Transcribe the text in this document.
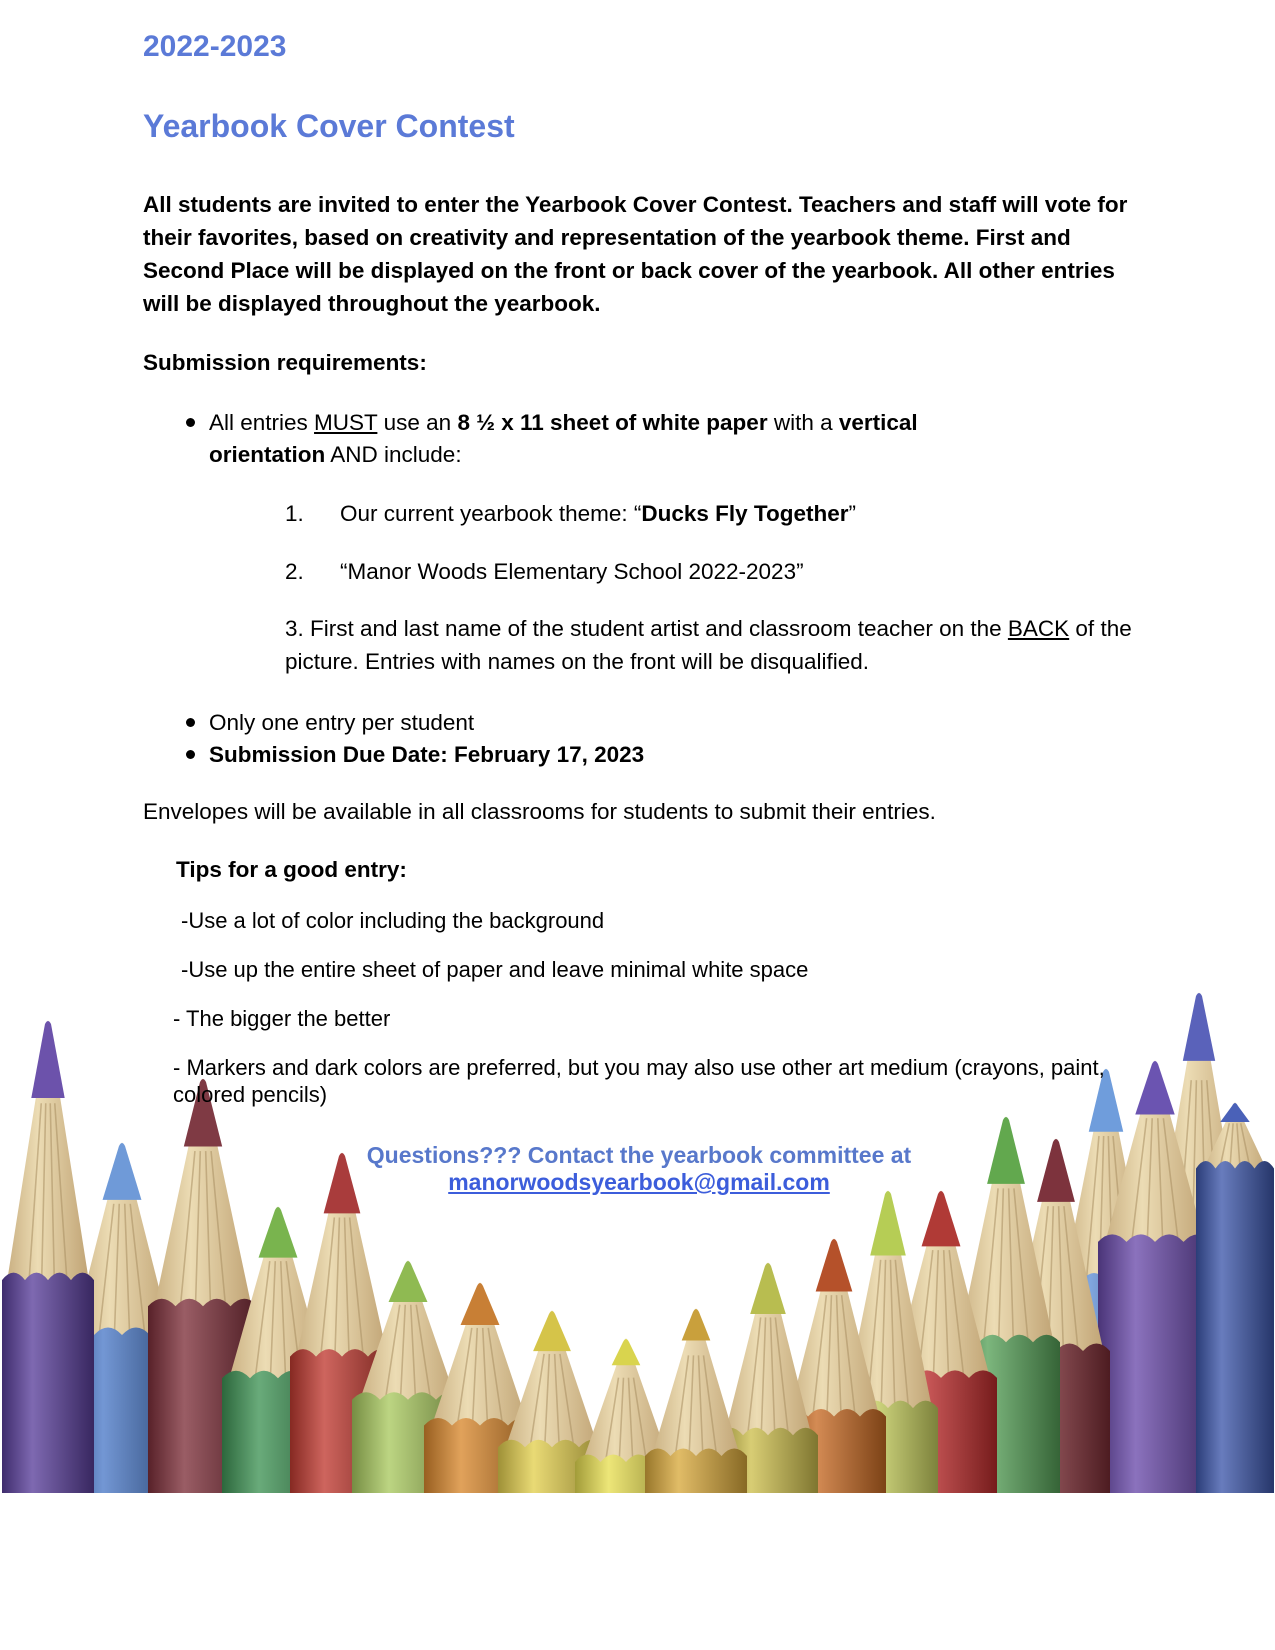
2022-2023
Yearbook Cover Contest

All students are invited to enter the Yearbook Cover Contest. Teachers and staff will vote for their favorites, based on creativity and representation of the yearbook theme. First and Second Place will be displayed on the front or back cover of the yearbook. All other entries will be displayed throughout the yearbook.

Submission requirements:

All entries MUST use an 8 ½ x 11 sheet of white paper with a vertical
orientation AND include:
1.	Our current yearbook theme: “Ducks Fly Together”
2.	“Manor Woods Elementary School 2022-2023”
3. First and last name of the student artist and classroom teacher on the BACK of the picture. Entries with names on the front will be disqualified.
Only one entry per student
Submission Due Date: February 17, 2023

Envelopes will be available in all classrooms for students to submit their entries.

Tips for a good entry:

-Use a lot of color including the background

-Use up the entire sheet of paper and leave minimal white space

- The bigger the better

- Markers and dark colors are preferred, but you may also use other art medium (crayons, paint, colored pencils)

Questions??? Contact the yearbook committee at
manorwoodsyearbook@gmail.com
